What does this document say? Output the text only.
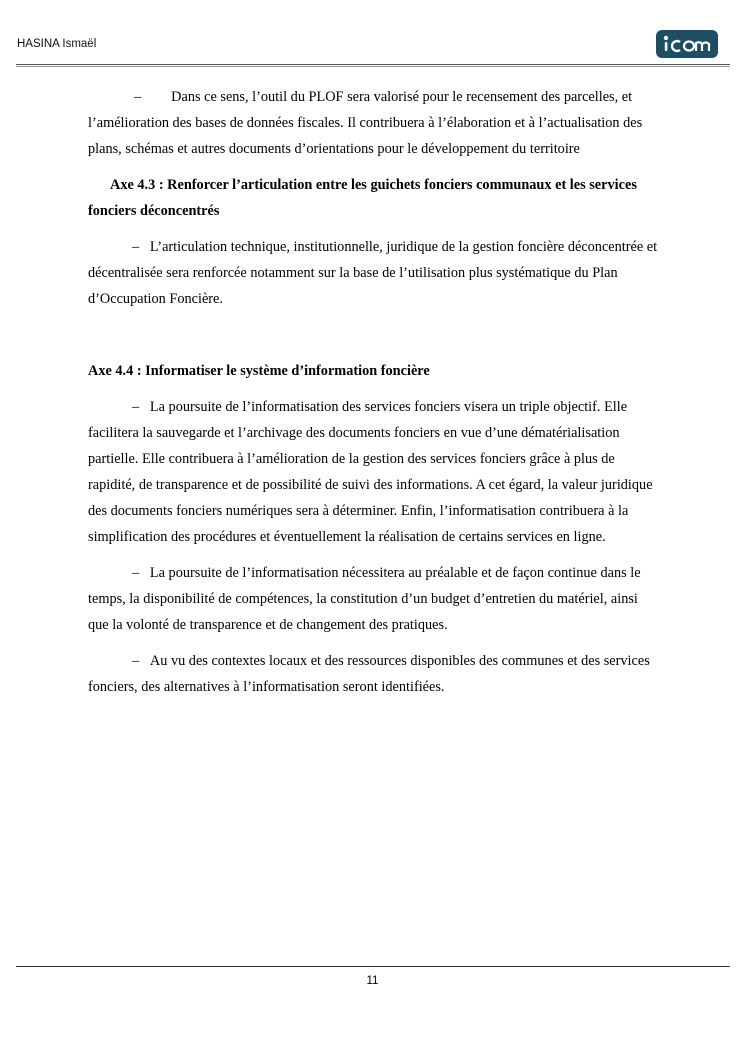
HASINA Ismaël

– Dans ce sens, l’outil du PLOF sera valorisé pour le recensement des parcelles, et l’amélioration des bases de données fiscales. Il contribuera à l’élaboration et à l’actualisation des plans, schémas et autres documents d’orientations pour le développement du territoire

Axe 4.3 : Renforcer l’articulation entre les guichets fonciers communaux et les services fonciers déconcentrés

– L’articulation technique, institutionnelle, juridique de la gestion foncière déconcentrée et décentralisée sera renforcée notamment sur la base de l’utilisation plus systématique du Plan d’Occupation Foncière.

Axe 4.4 : Informatiser le système d’information foncière

– La poursuite de l’informatisation des services fonciers visera un triple objectif. Elle facilitera la sauvegarde et l’archivage des documents fonciers en vue d’une dématérialisation partielle. Elle contribuera à l’amélioration de la gestion des services fonciers grâce à plus de rapidité, de transparence et de possibilité de suivi des informations. A cet égard, la valeur juridique des documents fonciers numériques sera à déterminer. Enfin, l’informatisation contribuera à la simplification des procédures et éventuellement la réalisation de certains services en ligne.

– La poursuite de l’informatisation nécessitera au préalable et de façon continue dans le temps, la disponibilité de compétences, la constitution d’un budget d’entretien du matériel, ainsi que la volonté de transparence et de changement des pratiques.

– Au vu des contextes locaux et des ressources disponibles des communes et des services fonciers, des alternatives à l’informatisation seront identifiées.

11
